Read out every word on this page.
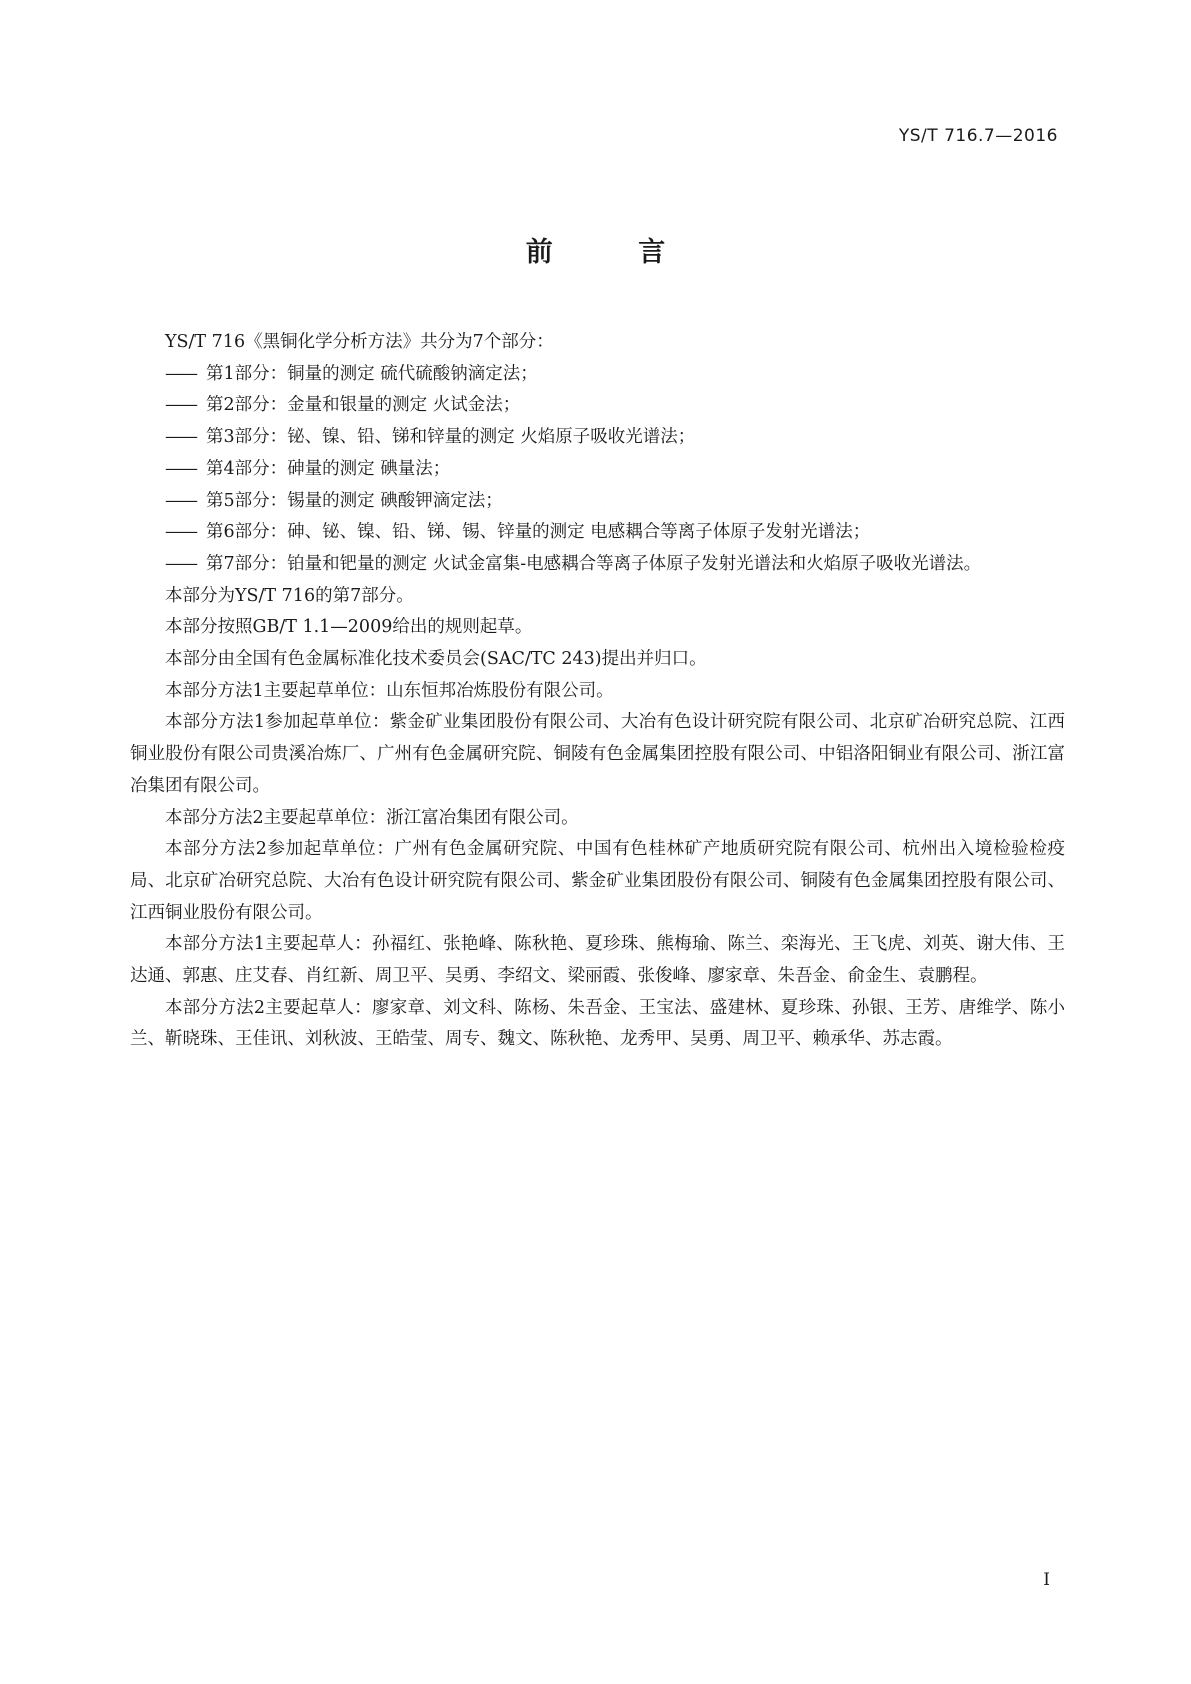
YS/T 716.7—2016
前 言

YS/T 716《黑铜化学分析方法》共分为7个部分：

—— 第1部分：铜量的测定 硫代硫酸钠滴定法；
—— 第2部分：金量和银量的测定 火试金法；
—— 第3部分：铋、镍、铅、锑和锌量的测定 火焰原子吸收光谱法；
—— 第4部分：砷量的测定 碘量法；
—— 第5部分：锡量的测定 碘酸钾滴定法；
—— 第6部分：砷、铋、镍、铅、锑、锡、锌量的测定 电感耦合等离子体原子发射光谱法；
—— 第7部分：铂量和钯量的测定 火试金富集-电感耦合等离子体原子发射光谱法和火焰原子吸收光谱法。

本部分为YS/T 716的第7部分。

本部分按照GB/T 1.1—2009给出的规则起草。

本部分由全国有色金属标准化技术委员会(SAC/TC 243)提出并归口。

本部分方法1主要起草单位：山东恒邦冶炼股份有限公司。

本部分方法1参加起草单位：紫金矿业集团股份有限公司、大冶有色设计研究院有限公司、北京矿冶研究总院、江西铜业股份有限公司贵溪冶炼厂、广州有色金属研究院、铜陵有色金属集团控股有限公司、中铝洛阳铜业有限公司、浙江富冶集团有限公司。

本部分方法2主要起草单位：浙江富冶集团有限公司。

本部分方法2参加起草单位：广州有色金属研究院、中国有色桂林矿产地质研究院有限公司、杭州出入境检验检疫局、北京矿冶研究总院、大冶有色设计研究院有限公司、紫金矿业集团股份有限公司、铜陵有色金属集团控股有限公司、江西铜业股份有限公司。

本部分方法1主要起草人：孙福红、张艳峰、陈秋艳、夏珍珠、熊梅瑜、陈兰、栾海光、王飞虎、刘英、谢大伟、王达通、郭惠、庄艾春、肖红新、周卫平、吴勇、李绍文、梁丽霞、张俊峰、廖家章、朱吾金、俞金生、袁鹏程。

本部分方法2主要起草人：廖家章、刘文科、陈杨、朱吾金、王宝法、盛建林、夏珍珠、孙银、王芳、唐维学、陈小兰、靳晓珠、王佳讯、刘秋波、王皓莹、周专、魏文、陈秋艳、龙秀甲、吴勇、周卫平、赖承华、苏志霞。

I
